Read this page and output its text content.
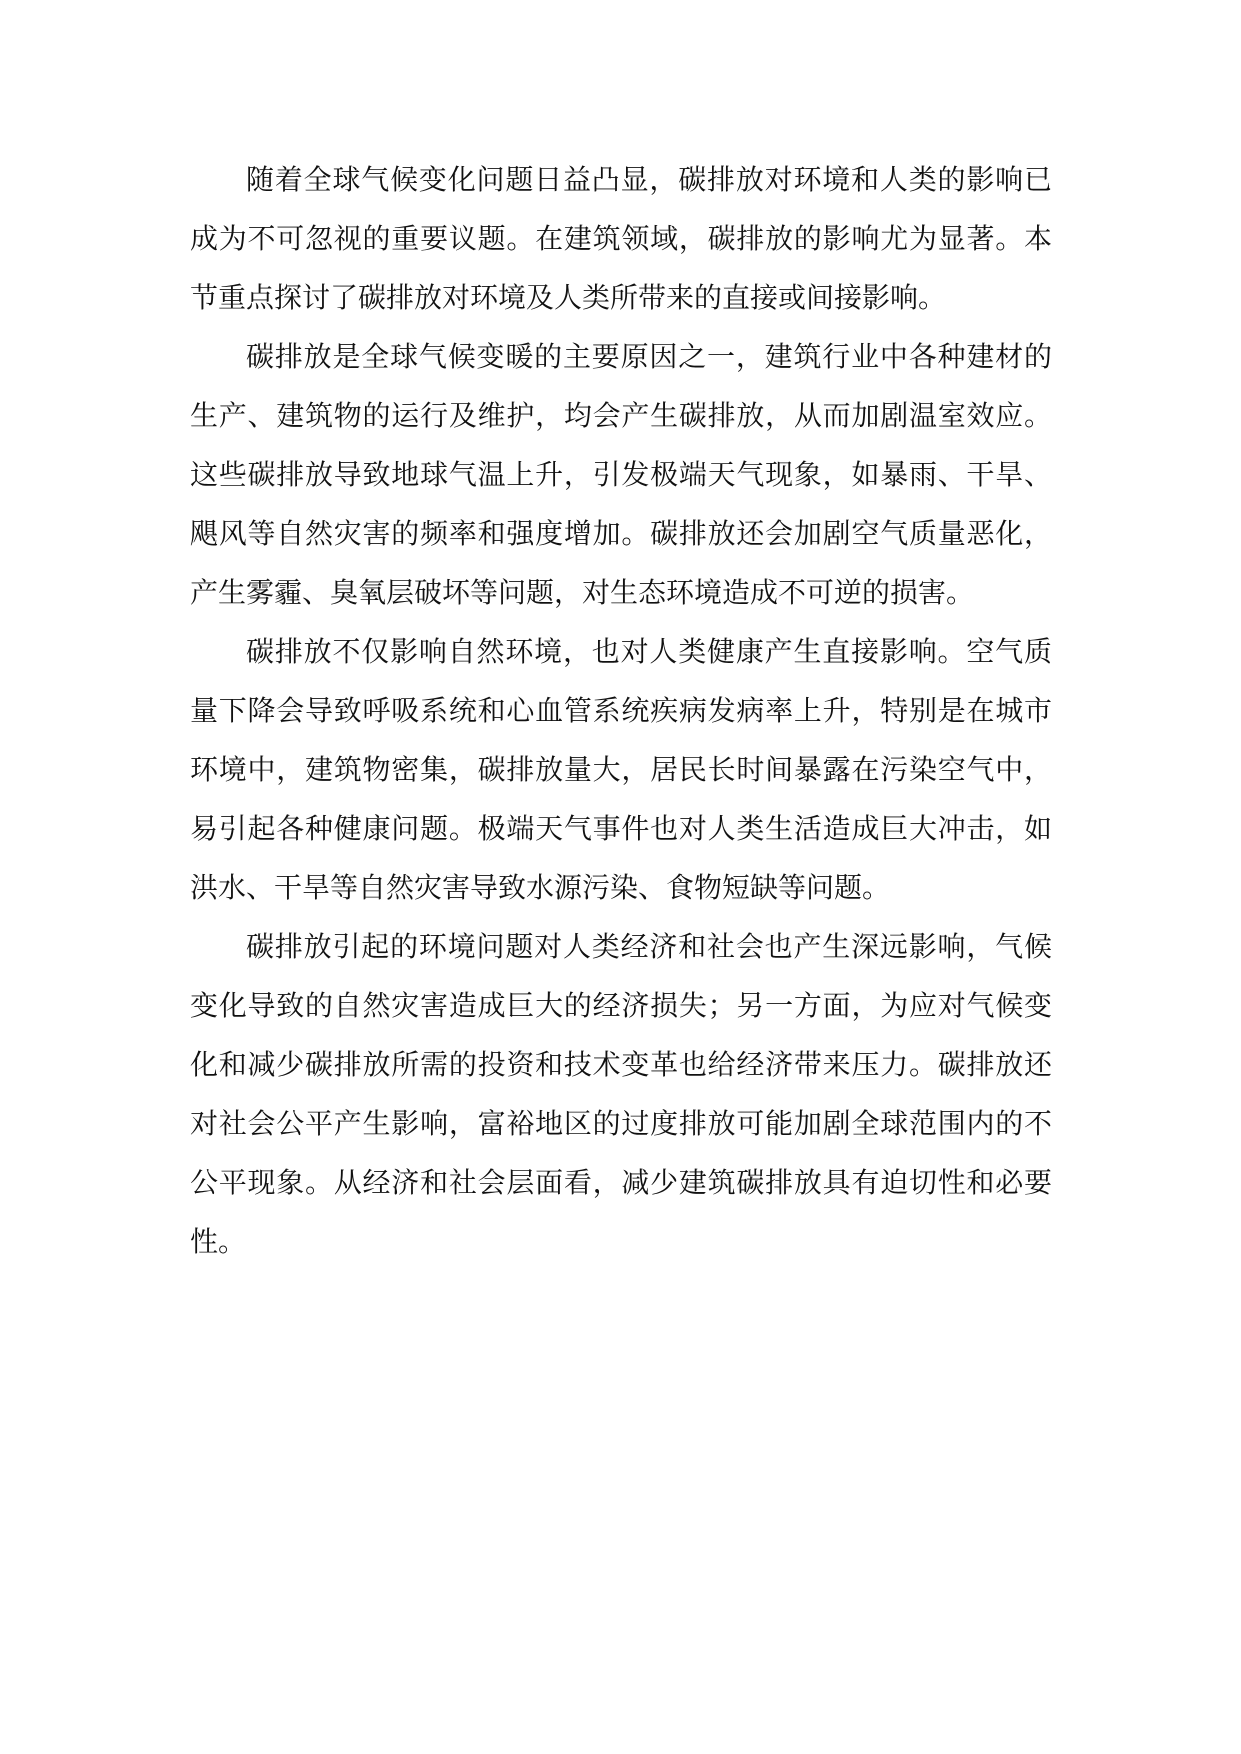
随着全球气候变化问题日益凸显，碳排放对环境和人类的影响已
成为不可忽视的重要议题。在建筑领域，碳排放的影响尤为显著。本
节重点探讨了碳排放对环境及人类所带来的直接或间接影响。

碳排放是全球气候变暖的主要原因之一，建筑行业中各种建材的
生产、建筑物的运行及维护，均会产生碳排放，从而加剧温室效应。
这些碳排放导致地球气温上升，引发极端天气现象，如暴雨、干旱、
飓风等自然灾害的频率和强度增加。碳排放还会加剧空气质量恶化，
产生雾霾、臭氧层破坏等问题，对生态环境造成不可逆的损害。

碳排放不仅影响自然环境，也对人类健康产生直接影响。空气质
量下降会导致呼吸系统和心血管系统疾病发病率上升，特别是在城市
环境中，建筑物密集，碳排放量大，居民长时间暴露在污染空气中，
易引起各种健康问题。极端天气事件也对人类生活造成巨大冲击，如
洪水、干旱等自然灾害导致水源污染、食物短缺等问题。

碳排放引起的环境问题对人类经济和社会也产生深远影响，气候
变化导致的自然灾害造成巨大的经济损失；另一方面，为应对气候变
化和减少碳排放所需的投资和技术变革也给经济带来压力。碳排放还
对社会公平产生影响，富裕地区的过度排放可能加剧全球范围内的不
公平现象。从经济和社会层面看，减少建筑碳排放具有迫切性和必要
性。
